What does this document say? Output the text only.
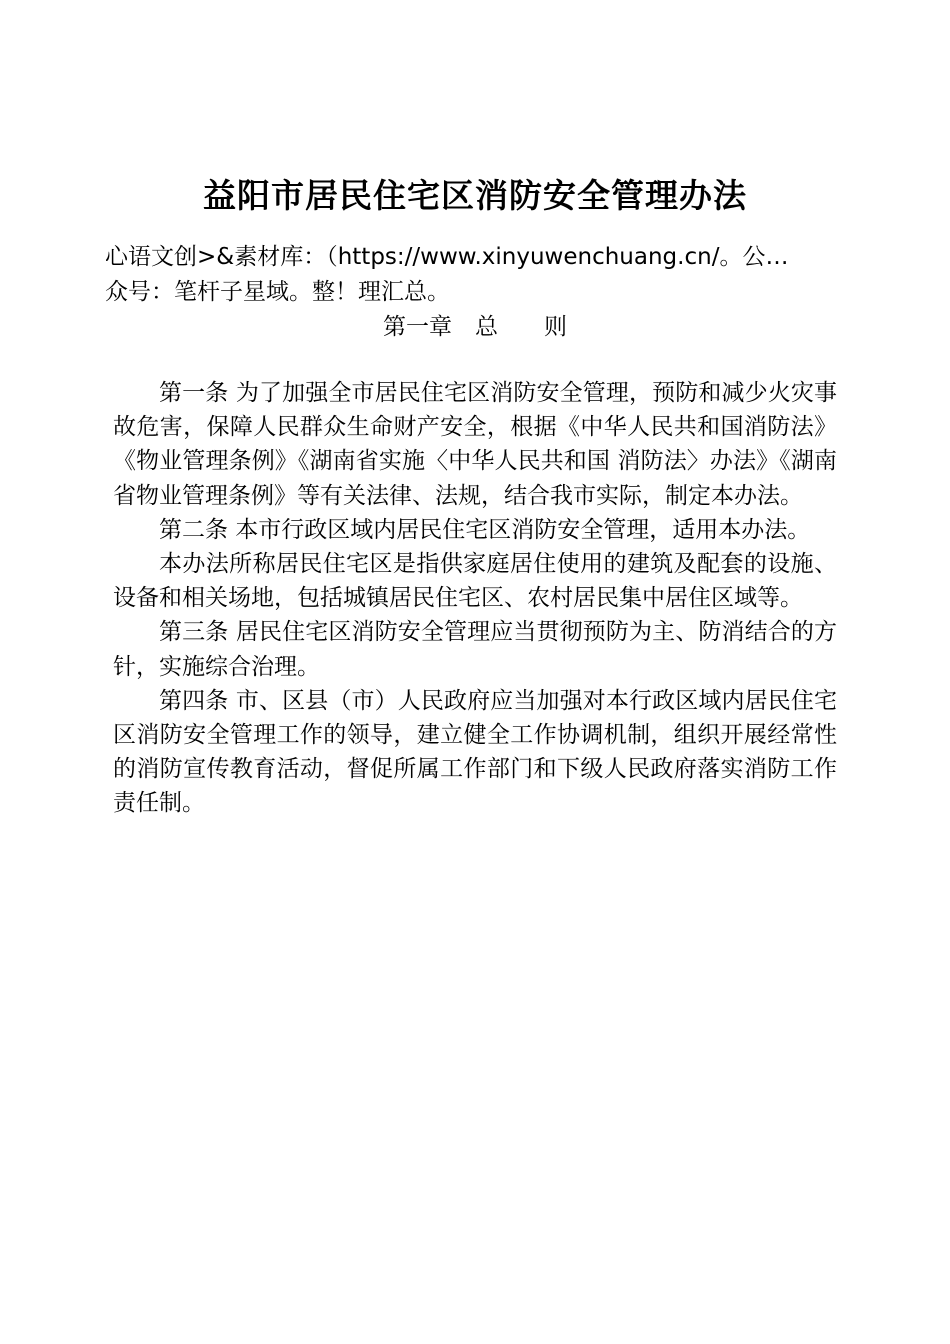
益阳市居民住宅区消防安全管理办法
心语文创>&素材库：（https://www.xinyuwenchuang.cn/。公…
众号：笔杆子星域。整！理汇总。
第一章　总　　则

第一条 为了加强全市居民住宅区消防安全管理，预防和减少火灾事故危害，保障人民群众生命财产安全，根据《中华人民共和国消防法》《物业管理条例》《湖南省实施〈中华人民共和国 消防法〉办法》《湖南省物业管理条例》等有关法律、法规，结合我市实际，制定本办法。

第二条 本市行政区域内居民住宅区消防安全管理，适用本办法。

本办法所称居民住宅区是指供家庭居住使用的建筑及配套的设施、设备和相关场地，包括城镇居民住宅区、农村居民集中居住区域等。

第三条 居民住宅区消防安全管理应当贯彻预防为主、防消结合的方针，实施综合治理。

第四条 市、区县（市）人民政府应当加强对本行政区域内居民住宅区消防安全管理工作的领导，建立健全工作协调机制，组织开展经常性的消防宣传教育活动，督促所属工作部门和下级人民政府落实消防工作责任制。
